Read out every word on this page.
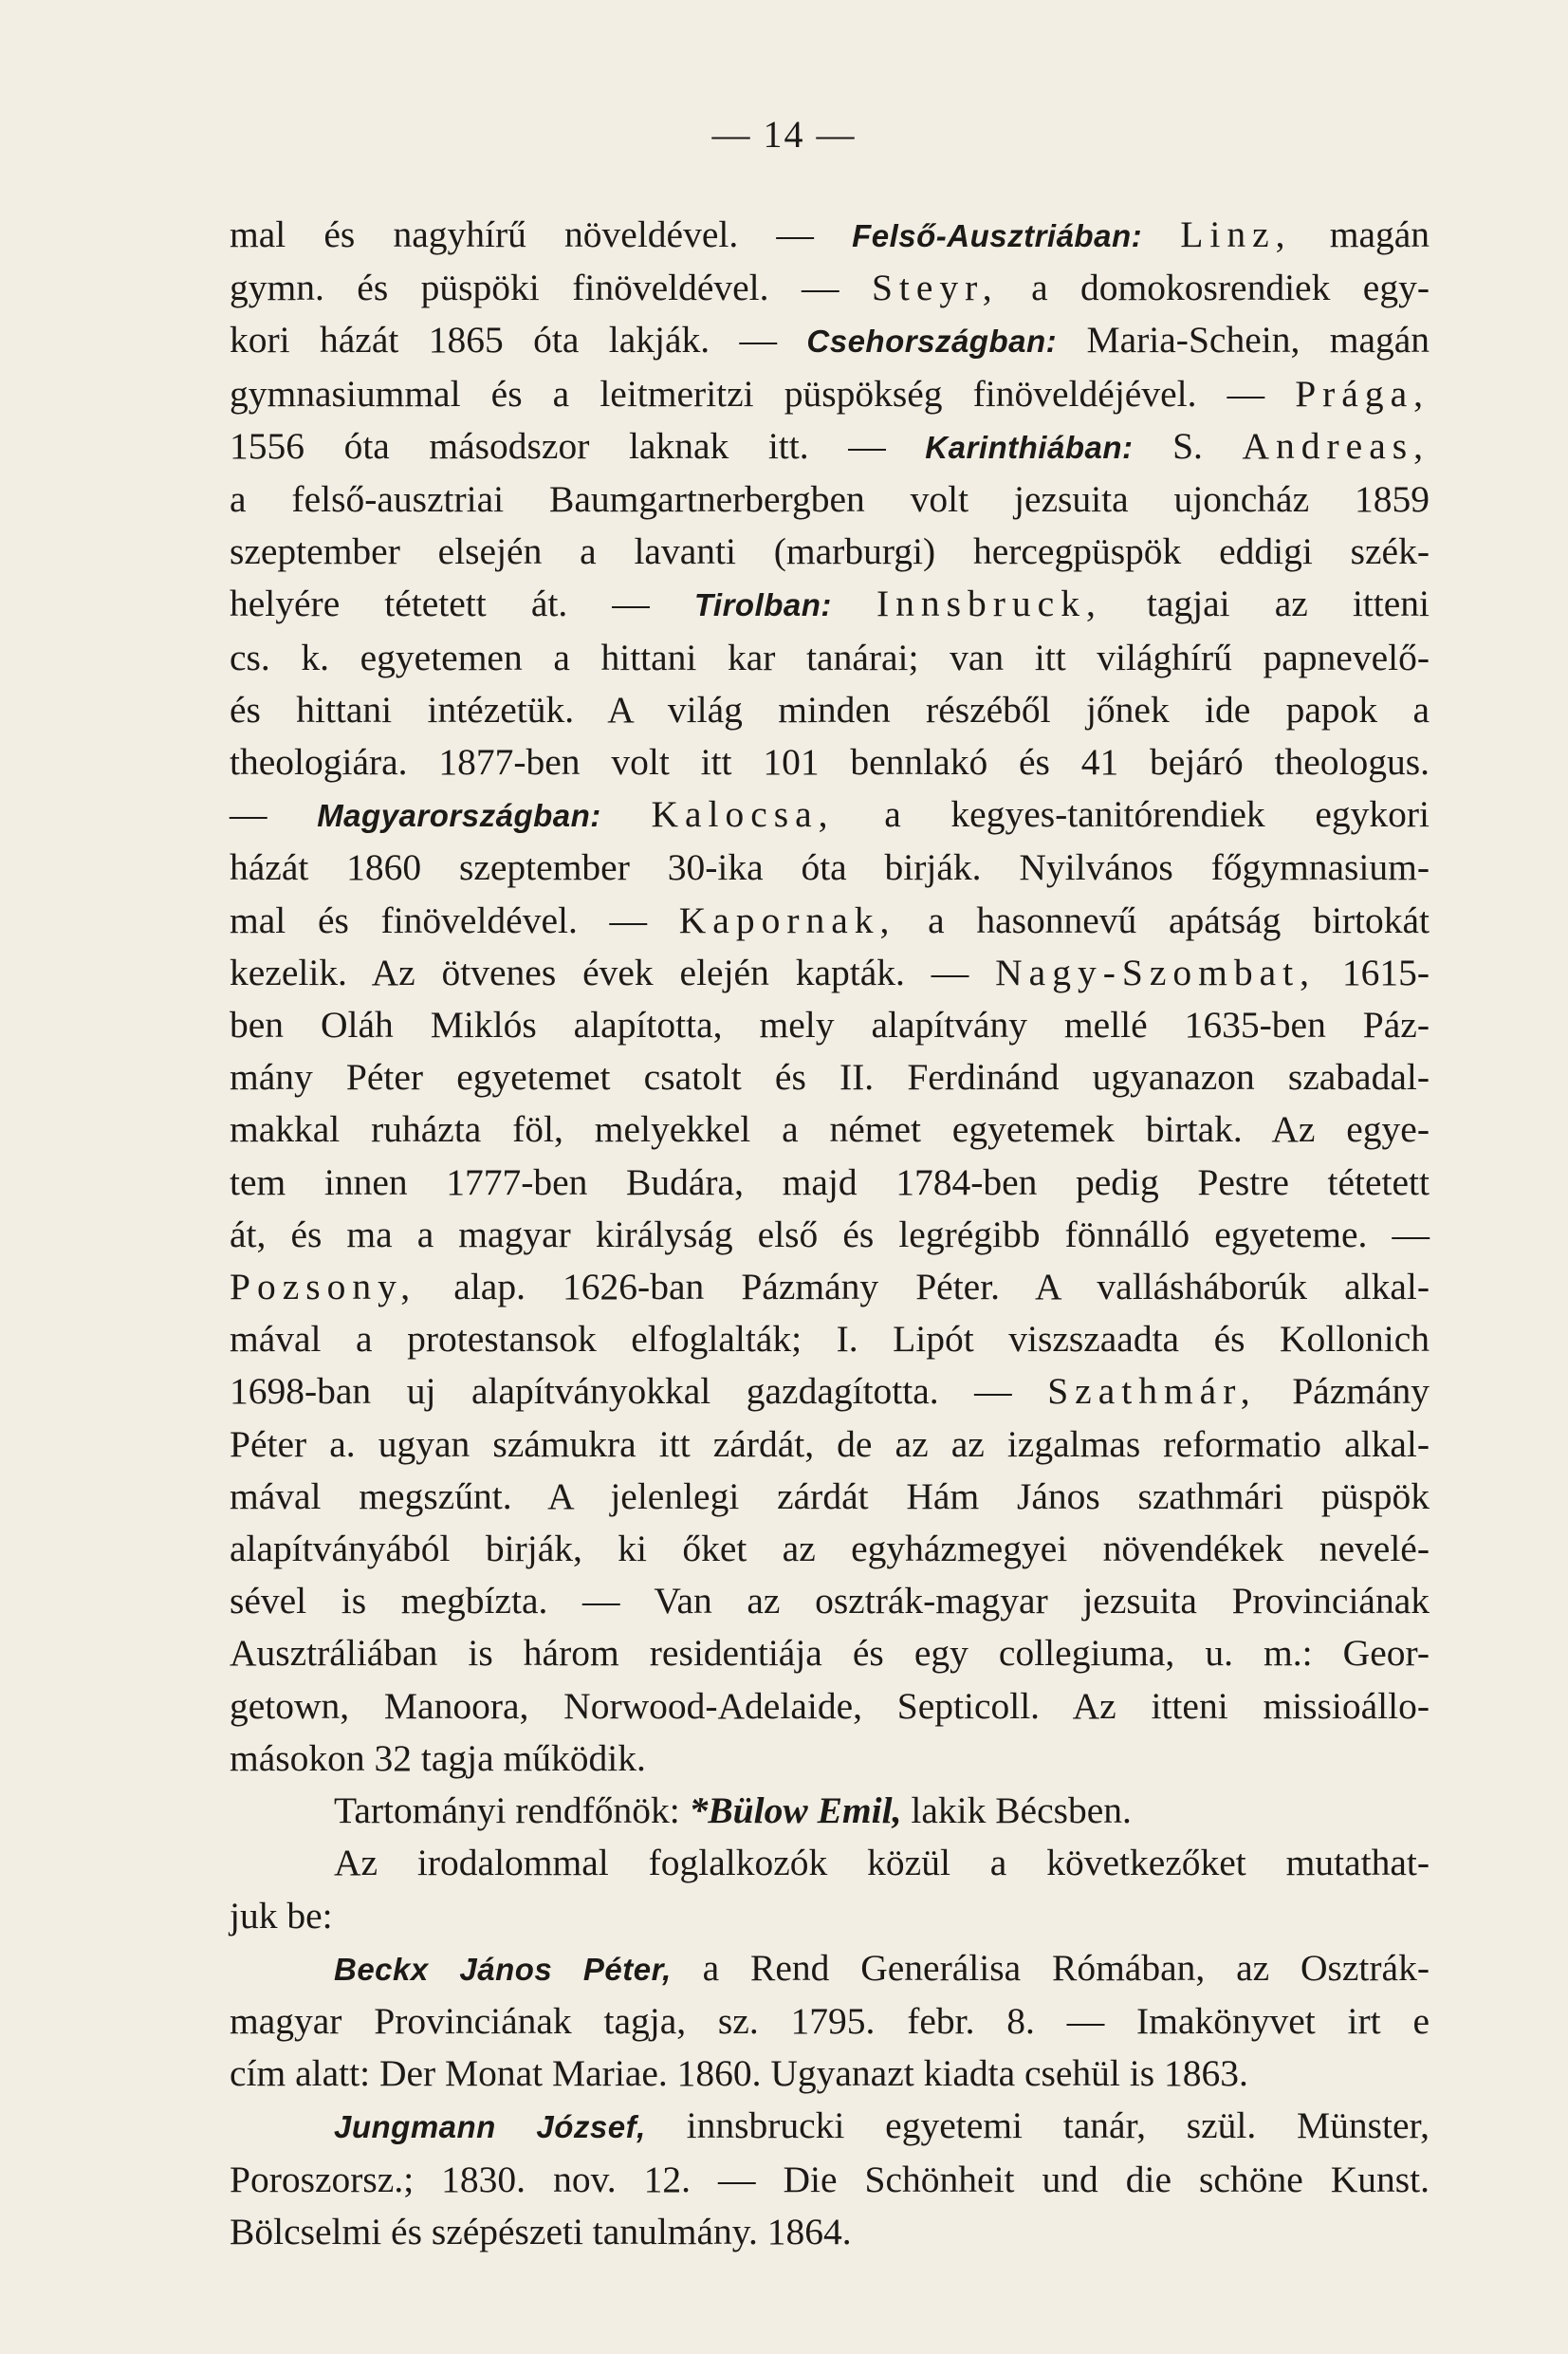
— 14 —
mal és nagyhírű növeldével. — Felső-Ausztriában: Linz, magán
gymn. és püspöki finöveldével. — Steyr, a domokosrendiek egy-
kori házát 1865 óta lakják. — Csehországban: Maria-Schein, magán
gymnasiummal és a leitmeritzi püspökség finöveldéjével. — Prága,
1556 óta másodszor laknak itt. — Karinthiában: S. Andreas,
a felső-ausztriai Baumgartnerbergben volt jezsuita ujoncház 1859
szeptember elsején a lavanti (marburgi) hercegpüspök eddigi szék-
helyére tétetett át. — Tirolban: Innsbruck, tagjai az itteni
cs. k. egyetemen a hittani kar tanárai; van itt világhírű papnevelő-
és hittani intézetük. A világ minden részéből jőnek ide papok a
theologiára. 1877-ben volt itt 101 bennlakó és 41 bejáró theologus.
— Magyarországban: Kalocsa, a kegyes-tanitórendiek egykori
házát 1860 szeptember 30-ika óta birják. Nyilvános főgymnasium-
mal és finöveldével. — Kapornak, a hasonnevű apátság birtokát
kezelik. Az ötvenes évek elején kapták. — Nagy-Szombat, 1615-
ben Oláh Miklós alapította, mely alapítvány mellé 1635-ben Páz-
mány Péter egyetemet csatolt és II. Ferdinánd ugyanazon szabadal-
makkal ruházta föl, melyekkel a német egyetemek birtak. Az egye-
tem innen 1777-ben Budára, majd 1784-ben pedig Pestre tétetett
át, és ma a magyar királyság első és legrégibb fönnálló egyeteme. —
Pozsony, alap. 1626-ban Pázmány Péter. A vallásháborúk alkal-
mával a protestansok elfoglalták; I. Lipót viszszaadta és Kollonich
1698-ban uj alapítványokkal gazdagította. — Szathmár, Pázmány
Péter a. ugyan számukra itt zárdát, de az az izgalmas reformatio alkal-
mával megszűnt. A jelenlegi zárdát Hám János szathmári püspök
alapítványából birják, ki őket az egyházmegyei növendékek nevelé-
sével is megbízta. — Van az osztrák-magyar jezsuita Provinciának
Ausztráliában is három residentiája és egy collegiuma, u. m.: Geor-
getown, Manoora, Norwood-Adelaide, Septicoll. Az itteni missioállo-
másokon 32 tagja működik.
Tartományi rendfőnök: *Bülow Emil, lakik Bécsben.
Az irodalommal foglalkozók közül a következőket mutathat-
juk be:
Beckx János Péter, a Rend Generálisa Rómában, az Osztrák-
magyar Provinciának tagja, sz. 1795. febr. 8. — Imakönyvet irt e
cím alatt: Der Monat Mariae. 1860. Ugyanazt kiadta csehül is 1863.
Jungmann József, innsbrucki egyetemi tanár, szül. Münster,
Poroszorsz.; 1830. nov. 12. — Die Schönheit und die schöne Kunst.
Bölcselmi és szépészeti tanulmány. 1864.
